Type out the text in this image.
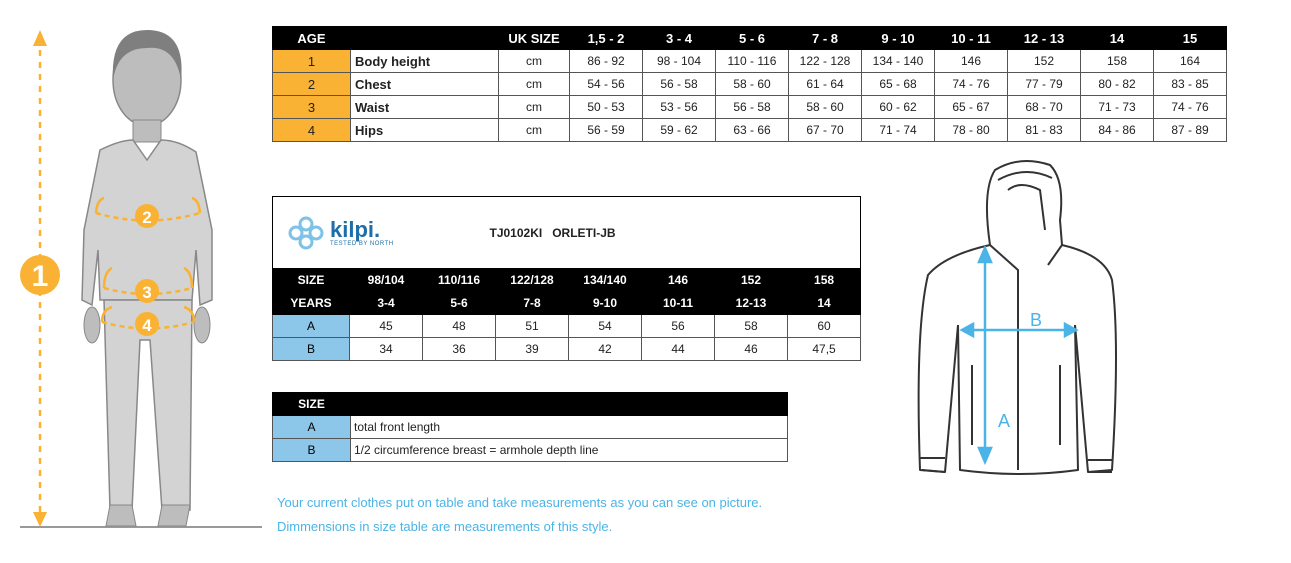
1
2
3
4
AGE		UK SIZE	1,5 - 2	3 - 4	5 - 6	7 - 8	9 - 10	10 - 11	12 - 13	14	15
1	Body height	cm	86 - 92	98 - 104	110 - 116	122 - 128	134 - 140	146	152	158	164
2	Chest	cm	54 - 56	56 - 58	58 - 60	61 - 64	65 - 68	74 - 76	77 - 79	80 - 82	83 - 85
3	Waist	cm	50 - 53	53 - 56	56 - 58	58 - 60	60 - 62	65 - 67	68 - 70	71 - 73	74 - 76
4	Hips	cm	56 - 59	59 - 62	63 - 66	67 - 70	71 - 74	78 - 80	81 - 83	84 - 86	87 - 89
kilpi.
TESTED BY NORTH			TJ0102KI   ORLETI-JB				
SIZE	98/104	110/116	122/128	134/140	146	152	158
YEARS	3-4	5-6	7-8	9-10	10-11	12-13	14
A	45	48	51	54	56	58	60
B	34	36	39	42	44	46	47,5
SIZE	
A	total front length
B	1/2 circumference breast = armhole depth line
Your current clothes put on table and take measurements as you can see on picture.
Dimmensions in size table are measurements of this style.
A
B
